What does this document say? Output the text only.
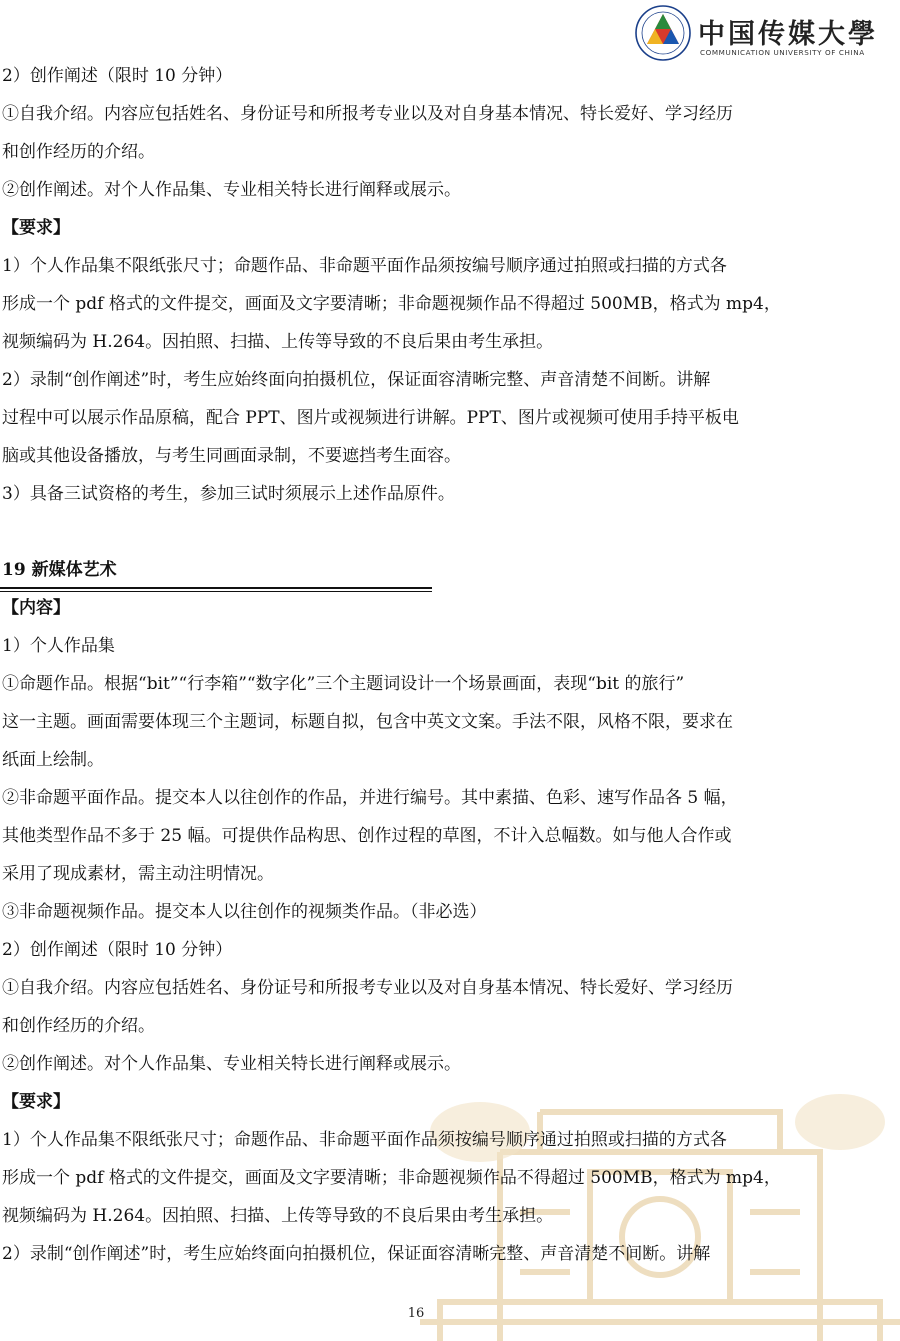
中国传媒大學
COMMUNICATION UNIVERSITY OF CHINA
2）创作阐述（限时 10 分钟）
①自我介绍。内容应包括姓名、身份证号和所报考专业以及对自身基本情况、特长爱好、学习经历
和创作经历的介绍。
②创作阐述。对个人作品集、专业相关特长进行阐释或展示。
【要求】
1）个人作品集不限纸张尺寸；命题作品、非命题平面作品须按编号顺序通过拍照或扫描的方式各
形成一个 pdf 格式的文件提交，画面及文字要清晰；非命题视频作品不得超过 500MB，格式为 mp4，
视频编码为 H.264。因拍照、扫描、上传等导致的不良后果由考生承担。
2）录制“创作阐述”时，考生应始终面向拍摄机位，保证面容清晰完整、声音清楚不间断。讲解
过程中可以展示作品原稿，配合 PPT、图片或视频进行讲解。PPT、图片或视频可使用手持平板电
脑或其他设备播放，与考生同画面录制，不要遮挡考生面容。
3）具备三试资格的考生，参加三试时须展示上述作品原件。
19 新媒体艺术
【内容】
1）个人作品集
①命题作品。根据“bit”“行李箱”“数字化”三个主题词设计一个场景画面，表现“bit 的旅行”
这一主题。画面需要体现三个主题词，标题自拟，包含中英文文案。手法不限，风格不限，要求在
纸面上绘制。
②非命题平面作品。提交本人以往创作的作品，并进行编号。其中素描、色彩、速写作品各 5 幅，
其他类型作品不多于 25 幅。可提供作品构思、创作过程的草图，不计入总幅数。如与他人合作或
采用了现成素材，需主动注明情况。
③非命题视频作品。提交本人以往创作的视频类作品。（非必选）
2）创作阐述（限时 10 分钟）
①自我介绍。内容应包括姓名、身份证号和所报考专业以及对自身基本情况、特长爱好、学习经历
和创作经历的介绍。
②创作阐述。对个人作品集、专业相关特长进行阐释或展示。
【要求】
1）个人作品集不限纸张尺寸；命题作品、非命题平面作品须按编号顺序通过拍照或扫描的方式各
形成一个 pdf 格式的文件提交，画面及文字要清晰；非命题视频作品不得超过 500MB，格式为 mp4，
视频编码为 H.264。因拍照、扫描、上传等导致的不良后果由考生承担。
2）录制“创作阐述”时，考生应始终面向拍摄机位，保证面容清晰完整、声音清楚不间断。讲解
16
